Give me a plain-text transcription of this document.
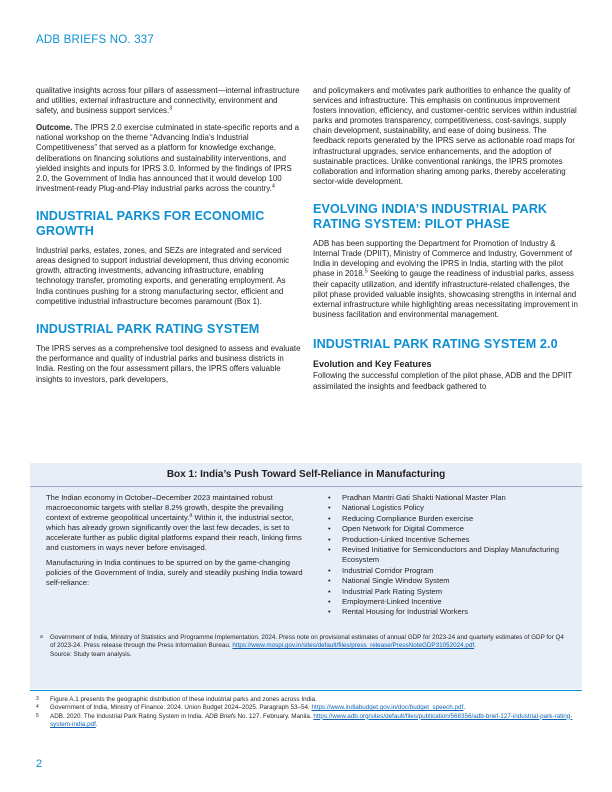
ADB BRIEFS NO. 337

qualitative insights across four pillars of assessment—internal infrastructure and utilities, external infrastructure and connectivity, environment and safety, and business support services.$^3$

Outcome. The IPRS 2.0 exercise culminated in state-specific reports and a national workshop on the theme “Advancing India’s Industrial Competitiveness” that served as a platform for knowledge exchange, deliberations on financing solutions and sustainability interventions, and yielded insights and inputs for IPRS 3.0. Informed by the findings of IPRS 2.0, the Government of India has announced that it would develop 100 investment-ready Plug-and-Play industrial parks across the country.$^4$

INDUSTRIAL PARKS FOR ECONOMIC GROWTH

Industrial parks, estates, zones, and SEZs are integrated and serviced areas designed to support industrial development, thus driving economic growth, attracting investments, advancing infrastructure, enabling technology transfer, promoting exports, and generating employment. As India continues pushing for a strong manufacturing sector, efficient and competitive industrial infrastructure becomes paramount (Box 1).

INDUSTRIAL PARK RATING SYSTEM

The IPRS serves as a comprehensive tool designed to assess and evaluate the performance and quality of industrial parks and business districts in India. Resting on the four assessment pillars, the IPRS offers valuable insights to investors, park developers,

and policymakers and motivates park authorities to enhance the quality of services and infrastructure. This emphasis on continuous improvement fosters innovation, efficiency, and customer-centric services within industrial parks and promotes transparency, competitiveness, cost-savings, supply chain development, sustainability, and ease of doing business. The feedback reports generated by the IPRS serve as actionable road maps for infrastructural upgrades, service enhancements, and the adoption of sustainable practices. Unlike conventional rankings, the IPRS promotes collaboration and information sharing among parks, thereby accelerating sector-wide development.

EVOLVING INDIA’S INDUSTRIAL PARK RATING SYSTEM: PILOT PHASE

ADB has been supporting the Department for Promotion of Industry & Internal Trade (DPIIT), Ministry of Commerce and Industry, Government of India in developing and evolving the IPRS in India, starting with the pilot phase in 2018.$^5$ Seeking to gauge the readiness of industrial parks, assess their capacity utilization, and identify infrastructure-related challenges, the pilot phase provided valuable insights, showcasing strengths in internal and external infrastructure while highlighting areas necessitating improvement in business facilitation and environmental management.

INDUSTRIAL PARK RATING SYSTEM 2.0
Evolution and Key Features

Following the successful completion of the pilot phase, ADB and the DPIIT assimilated the insights and feedback gathered to

Box 1: India’s Push Toward Self-Reliance in Manufacturing

The Indian economy in October–December 2023 maintained robust macroeconomic targets with stellar 8.2% growth, despite the prevailing context of extreme geopolitical uncertainty.$^a$ Within it, the industrial sector, which has already grown significantly over the last few decades, is set to accelerate further as public digital platforms expand their reach, linking firms and customers in ways never before envisaged.

Manufacturing in India continues to be spurred on by the game-changing policies of the Government of India, surely and steadily pushing India toward self-reliance:

• Pradhan Mantri Gati Shakti National Master Plan
• National Logistics Policy
• Reducing Compliance Burden exercise
• Open Network for Digital Commerce
• Production-Linked Incentive Schemes
• Revised Initiative for Semiconductors and Display Manufacturing Ecosystem
• Industrial Corridor Program
• National Single Window System
• Industrial Park Rating System
• Employment-Linked Incentive
• Rental Housing for Industrial Workers

a Government of India, Ministry of Statistics and Programme Implementation. 2024. Press note on provisional estimates of annual GDP for 2023-24 and quarterly estimates of GDP for Q4 of 2023-24. Press release through the Press Information Bureau. https://www.mospi.gov.in/sites/default/files/press_release/PressNoteGDP31052024.pdf.

Source: Study team analysis.

3 Figure A.1 presents the geographic distribution of these industrial parks and zones across India.

4 Government of India, Ministry of Finance. 2024. Union Budget 2024–2025. Paragraph 53–54. https://www.indiabudget.gov.in/doc/budget_speech.pdf.

5 ADB. 2020. The Industrial Park Rating System in India. ADB Briefs No. 127. February. Manila. https://www.adb.org/sites/default/files/publication/568356/adb-brief-127-industrial-park-rating-system-india.pdf.

2
